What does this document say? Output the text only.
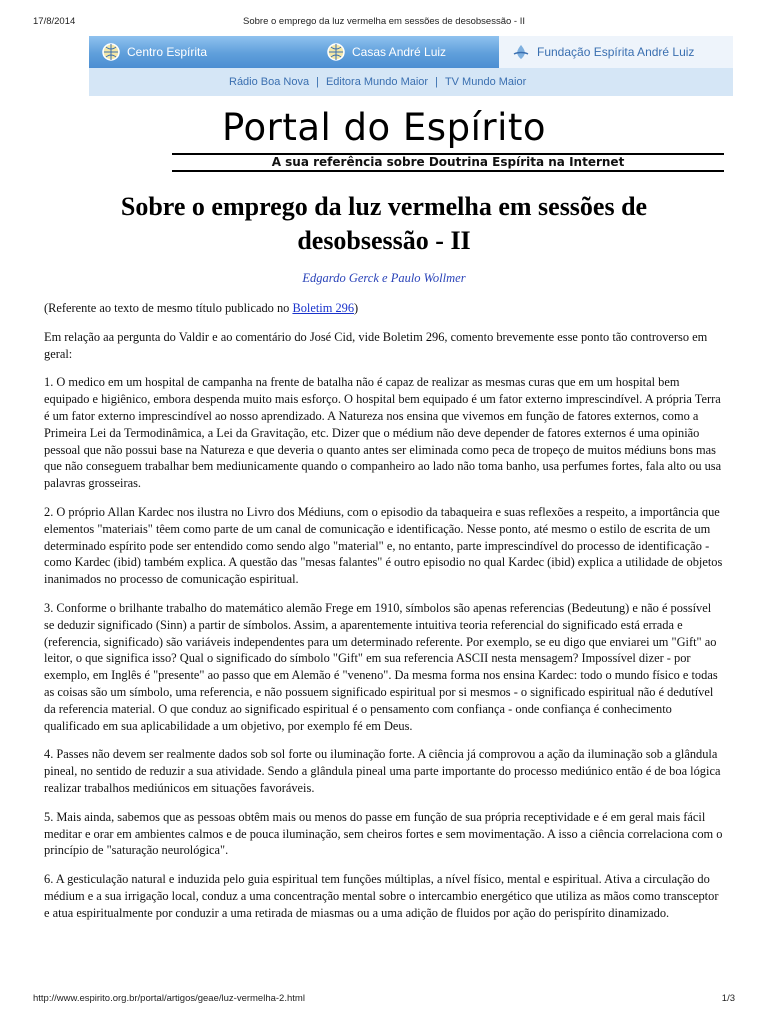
17/8/2014	Sobre o emprego da luz vermelha em sessões de desobsessão - II
Centro Espírita	Casas André Luiz	Fundação Espírita André Luiz
Rádio Boa Nova | Editora Mundo Maior | TV Mundo Maior
Portal do Espírito
A sua referência sobre Doutrina Espírita na Internet
Sobre o emprego da luz vermelha em sessões de desobsessão - II
Edgardo Gerck e Paulo Wollmer

(Referente ao texto de mesmo título publicado no Boletim 296)

Em relação aa pergunta do Valdir e ao comentário do José Cid, vide Boletim 296, comento brevemente esse ponto tão controverso em geral:

1. O medico em um hospital de campanha na frente de batalha não é capaz de realizar as mesmas curas que em um hospital bem equipado e higiênico, embora despenda muito mais esforço. O hospital bem equipado é um fator externo imprescindível. A própria Terra é um fator externo imprescindível ao nosso aprendizado. A Natureza nos ensina que vivemos em função de fatores externos, como a Primeira Lei da Termodinâmica, a Lei da Gravitação, etc. Dizer que o médium não deve depender de fatores externos é uma opinião pessoal que não possui base na Natureza e que deveria o quanto antes ser eliminada como peca de tropeço de muitos médiuns bons mas que não conseguem trabalhar bem mediunicamente quando o companheiro ao lado não toma banho, usa perfumes fortes, fala alto ou usa palavras grosseiras.

2. O próprio Allan Kardec nos ilustra no Livro dos Médiuns, com o episodio da tabaqueira e suas reflexões a respeito, a importância que elementos "materiais" têem como parte de um canal de comunicação e identificação. Nesse ponto, até mesmo o estilo de escrita de um determinado espírito pode ser entendido como sendo algo "material" e, no entanto, parte imprescindível do processo de identificação - como Kardec (ibid) também explica. A questão das "mesas falantes" é outro episodio no qual Kardec (ibid) explica a utilidade de objetos inanimados no processo de comunicação espiritual.

3. Conforme o brilhante trabalho do matemático alemão Frege em 1910, símbolos são apenas referencias (Bedeutung) e não é possível se deduzir significado (Sinn) a partir de símbolos. Assim, a aparentemente intuitiva teoria referencial do significado está errada e (referencia, significado) são variáveis independentes para um determinado referente. Por exemplo, se eu digo que enviarei um "Gift" ao leitor, o que significa isso? Qual o significado do símbolo "Gift" em sua referencia ASCII nesta mensagem? Impossível dizer - por exemplo, em Inglês é "presente" ao passo que em Alemão é "veneno". Da mesma forma nos ensina Kardec: todo o mundo físico e todas as coisas são um símbolo, uma referencia, e não possuem significado espiritual por si mesmos - o significado espiritual não é dedutível da referencia material. O que conduz ao significado espiritual é o pensamento com confiança - onde confiança é conhecimento qualificado em sua aplicabilidade a um objetivo, por exemplo fé em Deus.

4. Passes não devem ser realmente dados sob sol forte ou iluminação forte. A ciência já comprovou a ação da iluminação sob a glândula pineal, no sentido de reduzir a sua atividade. Sendo a glândula pineal uma parte importante do processo mediúnico então é de boa lógica realizar trabalhos mediúnicos em situações favoráveis.

5. Mais ainda, sabemos que as pessoas obtêm mais ou menos do passe em função de sua própria receptividade e é em geral mais fácil meditar e orar em ambientes calmos e de pouca iluminação, sem cheiros fortes e sem movimentação. A isso a ciência correlaciona com o princípio de "saturação neurológica".

6. A gesticulação natural e induzida pelo guia espiritual tem funções múltiplas, a nível físico, mental e espiritual. Ativa a circulação do médium e a sua irrigação local, conduz a uma concentração mental sobre o intercambio energético que utiliza as mãos como transceptor e atua espiritualmente por conduzir a uma retirada de miasmas ou a uma adição de fluidos por ação do perispírito dinamizado.

http://www.espirito.org.br/portal/artigos/geae/luz-vermelha-2.html	1/3
